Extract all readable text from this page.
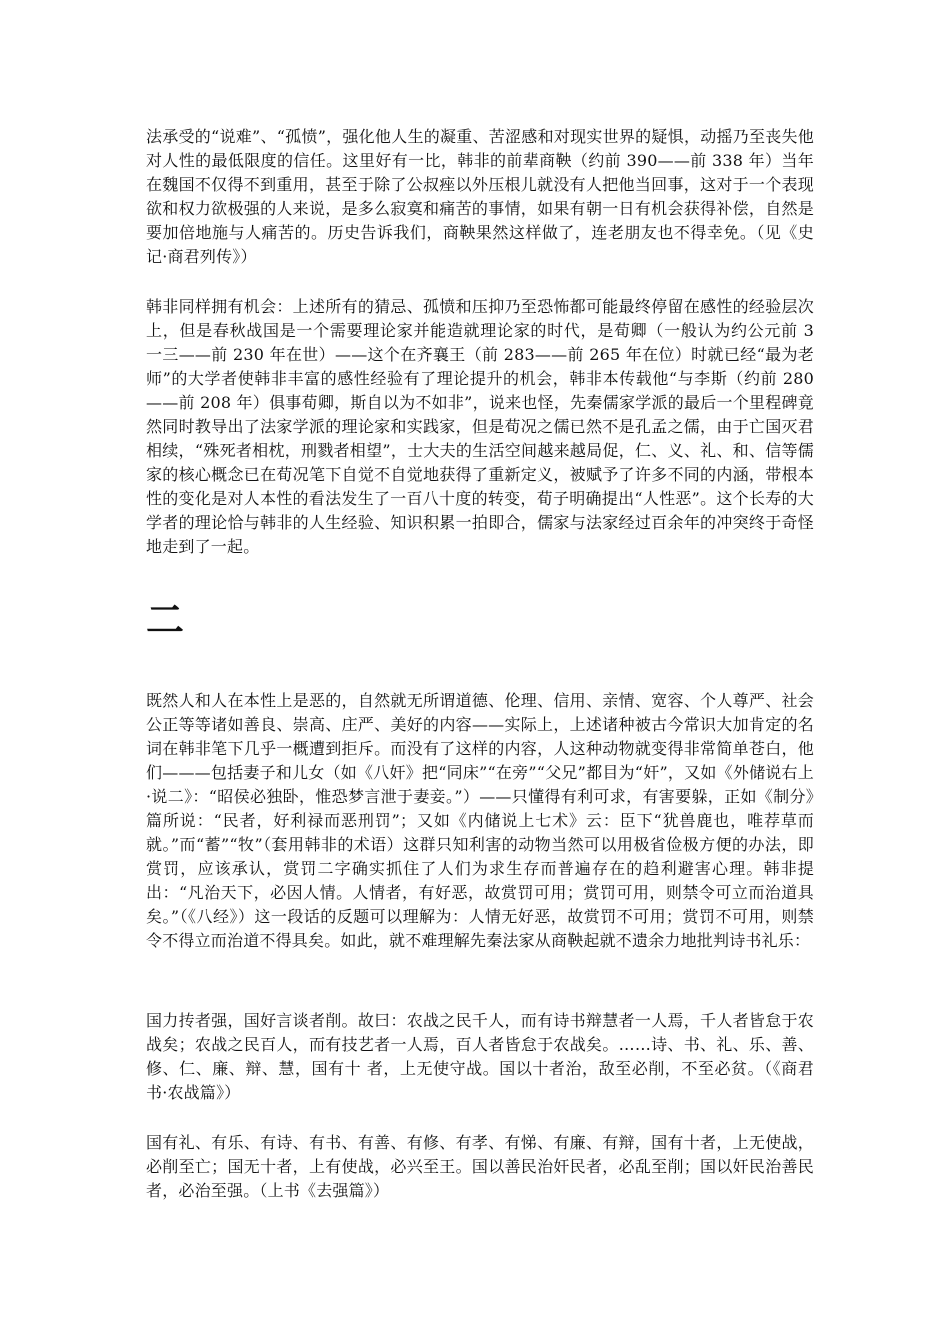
法承受的“说难”、“孤愤”，强化他人生的凝重、苦涩感和对现实世界的疑惧，动摇乃至丧失他对人性的最低限度的信任。这里好有一比，韩非的前辈商鞅（约前 390——前 338 年）当年在魏国不仅得不到重用，甚至于除了公叔痤以外压根儿就没有人把他当回事，这对于一个表现欲和权力欲极强的人来说，是多么寂寞和痛苦的事情，如果有朝一日有机会获得补偿，自然是要加倍地施与人痛苦的。历史告诉我们，商鞅果然这样做了，连老朋友也不得幸免。（见《史记·商君列传》）

韩非同样拥有机会：上述所有的猜忌、孤愤和压抑乃至恐怖都可能最终停留在感性的经验层次上，但是春秋战国是一个需要理论家并能造就理论家的时代，是荀卿（一般认为约公元前 3 一三——前 230 年在世）——这个在齐襄王（前 283——前 265 年在位）时就已经“最为老师”的大学者使韩非丰富的感性经验有了理论提升的机会，韩非本传载他“与李斯（约前 280——前 208 年）俱事荀卿，斯自以为不如非”，说来也怪，先秦儒家学派的最后一个里程碑竟然同时教导出了法家学派的理论家和实践家，但是荀况之儒已然不是孔孟之儒，由于亡国灭君相续，“殊死者相枕，刑戮者相望”，士大夫的生活空间越来越局促，仁、义、礼、和、信等儒家的核心概念已在荀况笔下自觉不自觉地获得了重新定义，被赋予了许多不同的内涵，带根本性的变化是对人本性的看法发生了一百八十度的转变，荀子明确提出“人性恶”。这个长寿的大学者的理论恰与韩非的人生经验、知识积累一拍即合，儒家与法家经过百余年的冲突终于奇怪地走到了一起。

二

既然人和人在本性上是恶的，自然就无所谓道德、伦理、信用、亲情、宽容、个人尊严、社会公正等等诸如善良、崇高、庄严、美好的内容——实际上，上述诸种被古今常识大加肯定的名词在韩非笔下几乎一概遭到拒斥。而没有了这样的内容，人这种动物就变得非常简单苍白，他们———包括妻子和儿女（如《八奸》把“同床”“在旁”“父兄”都目为“奸”，又如《外储说右上·说二》：“昭侯必独卧，惟恐梦言泄于妻妾。”）——只懂得有利可求，有害要躲，正如《制分》篇所说：“民者，好利禄而恶刑罚”；又如《内储说上七术》云：臣下“犹兽鹿也，唯荐草而就。”而“蓄”“牧”（套用韩非的术语）这群只知利害的动物当然可以用极省俭极方便的办法，即赏罚，应该承认，赏罚二字确实抓住了人们为求生存而普遍存在的趋利避害心理。韩非提出：“凡治天下，必因人情。人情者，有好恶，故赏罚可用；赏罚可用，则禁令可立而治道具矣。”（《八经》）这一段话的反题可以理解为：人情无好恶，故赏罚不可用；赏罚不可用，则禁令不得立而治道不得具矣。如此，就不难理解先秦法家从商鞅起就不遗余力地批判诗书礼乐：

国力抟者强，国好言谈者削。故曰：农战之民千人，而有诗书辩慧者一人焉，千人者皆怠于农战矣；农战之民百人，而有技艺者一人焉，百人者皆怠于农战矣。……诗、书、礼、乐、善、修、仁、廉、辩、慧，国有十 者，上无使守战。国以十者治，敌至必削，不至必贫。（《商君书·农战篇》）

国有礼、有乐、有诗、有书、有善、有修、有孝、有悌、有廉、有辩，国有十者，上无使战，必削至亡；国无十者，上有使战，必兴至王。国以善民治奸民者，必乱至削；国以奸民治善民者，必治至强。（上书《去强篇》）
